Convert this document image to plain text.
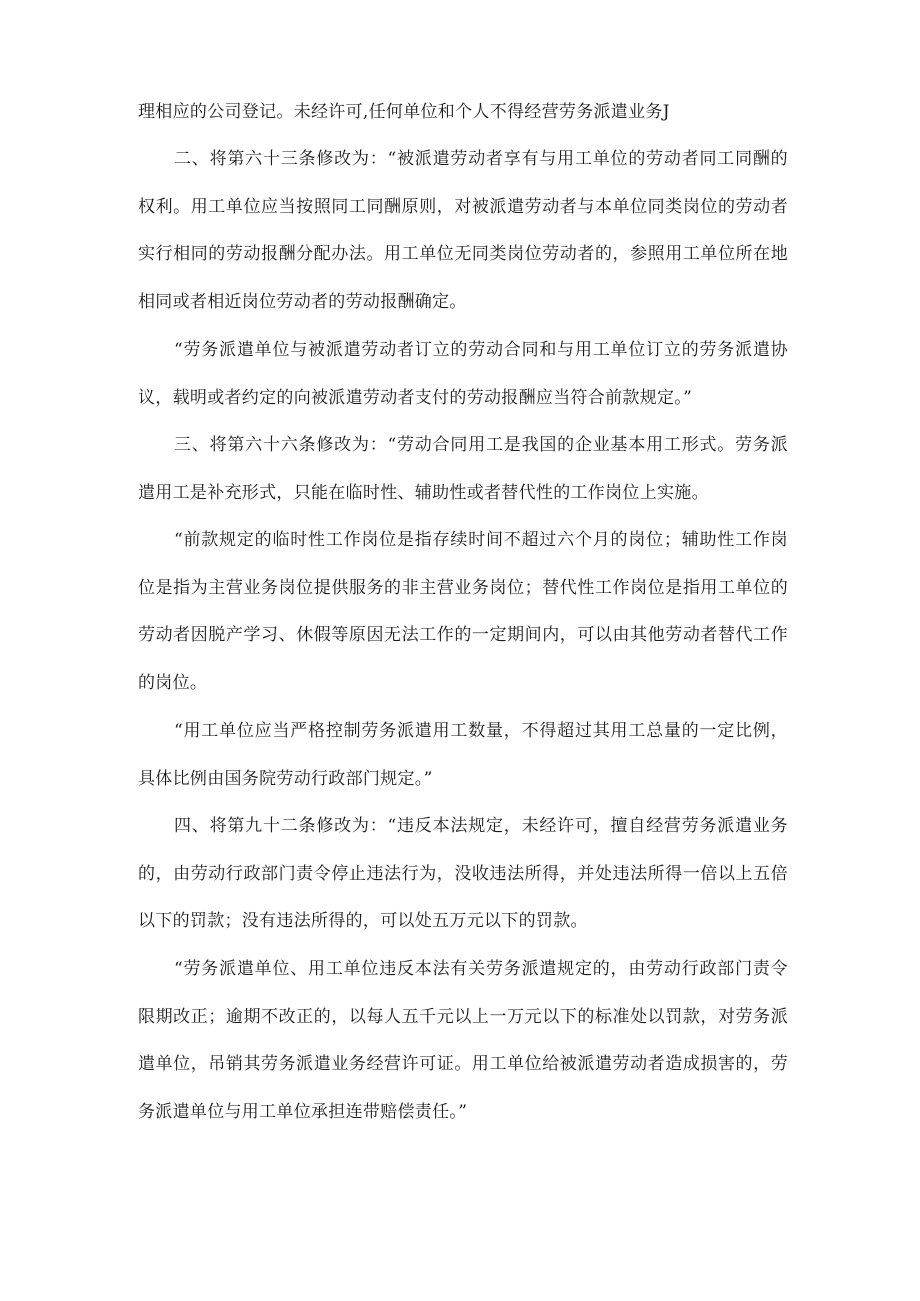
理相应的公司登记。未经许可,任何单位和个人不得经营劳务派遣业务J

二、将第六十三条修改为：“被派遣劳动者享有与用工单位的劳动者同工同酬的权利。用工单位应当按照同工同酬原则，对被派遣劳动者与本单位同类岗位的劳动者实行相同的劳动报酬分配办法。用工单位无同类岗位劳动者的，参照用工单位所在地相同或者相近岗位劳动者的劳动报酬确定。

“劳务派遣单位与被派遣劳动者订立的劳动合同和与用工单位订立的劳务派遣协议，载明或者约定的向被派遣劳动者支付的劳动报酬应当符合前款规定。”

三、将第六十六条修改为：“劳动合同用工是我国的企业基本用工形式。劳务派遣用工是补充形式，只能在临时性、辅助性或者替代性的工作岗位上实施。

“前款规定的临时性工作岗位是指存续时间不超过六个月的岗位；辅助性工作岗位是指为主营业务岗位提供服务的非主营业务岗位；替代性工作岗位是指用工单位的劳动者因脱产学习、休假等原因无法工作的一定期间内，可以由其他劳动者替代工作的岗位。

“用工单位应当严格控制劳务派遣用工数量，不得超过其用工总量的一定比例，具体比例由国务院劳动行政部门规定。”

四、将第九十二条修改为：“违反本法规定，未经许可，擅自经营劳务派遣业务的，由劳动行政部门责令停止违法行为，没收违法所得，并处违法所得一倍以上五倍以下的罚款；没有违法所得的，可以处五万元以下的罚款。

“劳务派遣单位、用工单位违反本法有关劳务派遣规定的，由劳动行政部门责令限期改正；逾期不改正的，以每人五千元以上一万元以下的标准处以罚款，对劳务派遣单位，吊销其劳务派遣业务经营许可证。用工单位给被派遣劳动者造成损害的，劳务派遣单位与用工单位承担连带赔偿责任。”
